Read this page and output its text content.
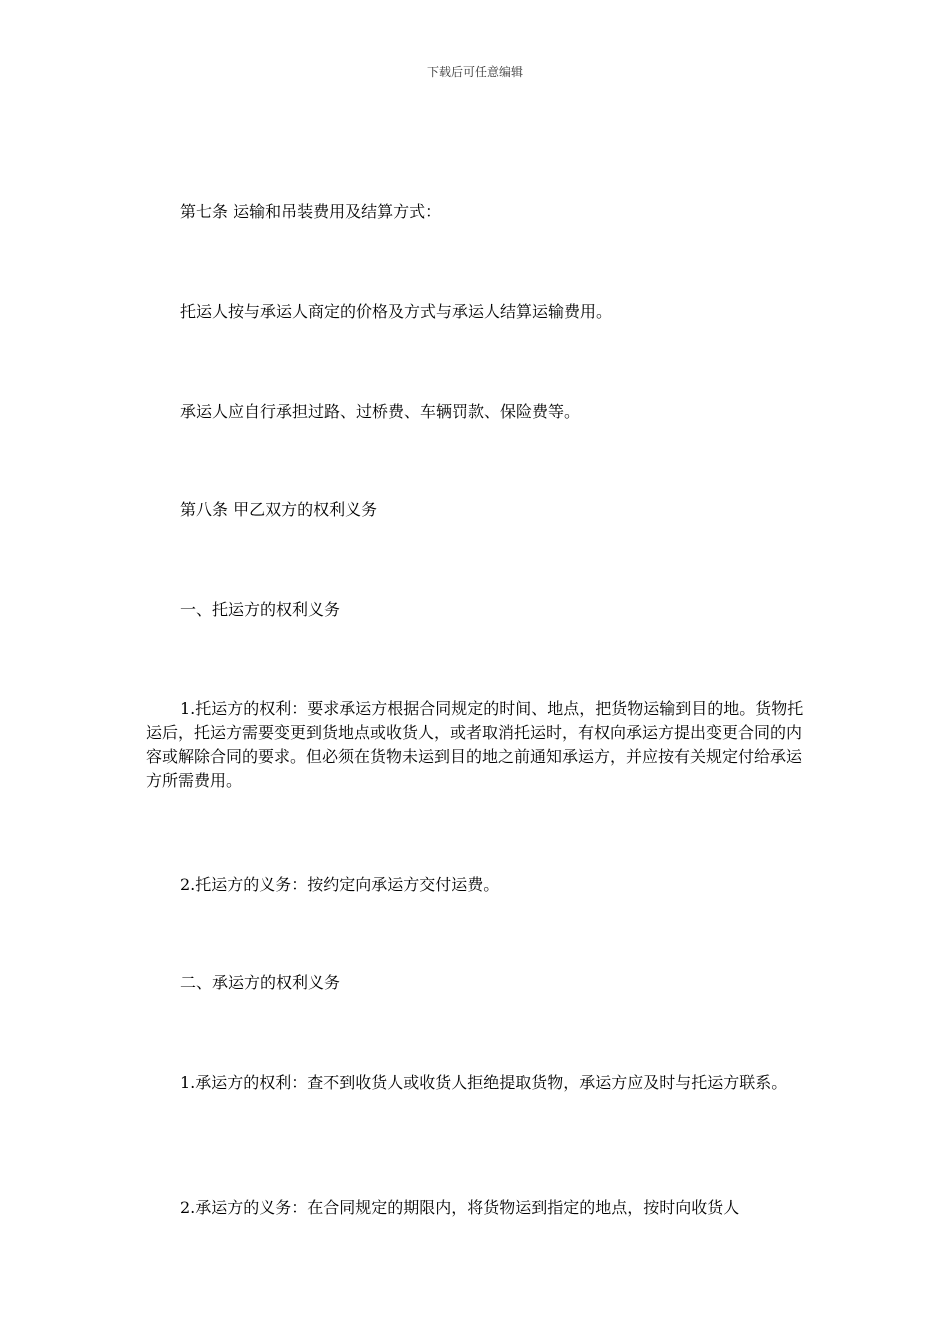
下载后可任意编辑

第七条 运输和吊装费用及结算方式：

托运人按与承运人商定的价格及方式与承运人结算运输费用。

承运人应自行承担过路、过桥费、车辆罚款、保险费等。

第八条 甲乙双方的权利义务

一、托运方的权利义务

1.托运方的权利：要求承运方根据合同规定的时间、地点，把货物运输到目的地。货物托运后，托运方需要变更到货地点或收货人，或者取消托运时，有权向承运方提出变更合同的内容或解除合同的要求。但必须在货物未运到目的地之前通知承运方，并应按有关规定付给承运方所需费用。

2.托运方的义务：按约定向承运方交付运费。

二、承运方的权利义务

1.承运方的权利：查不到收货人或收货人拒绝提取货物，承运方应及时与托运方联系。

2.承运方的义务：在合同规定的期限内，将货物运到指定的地点，按时向收货人
